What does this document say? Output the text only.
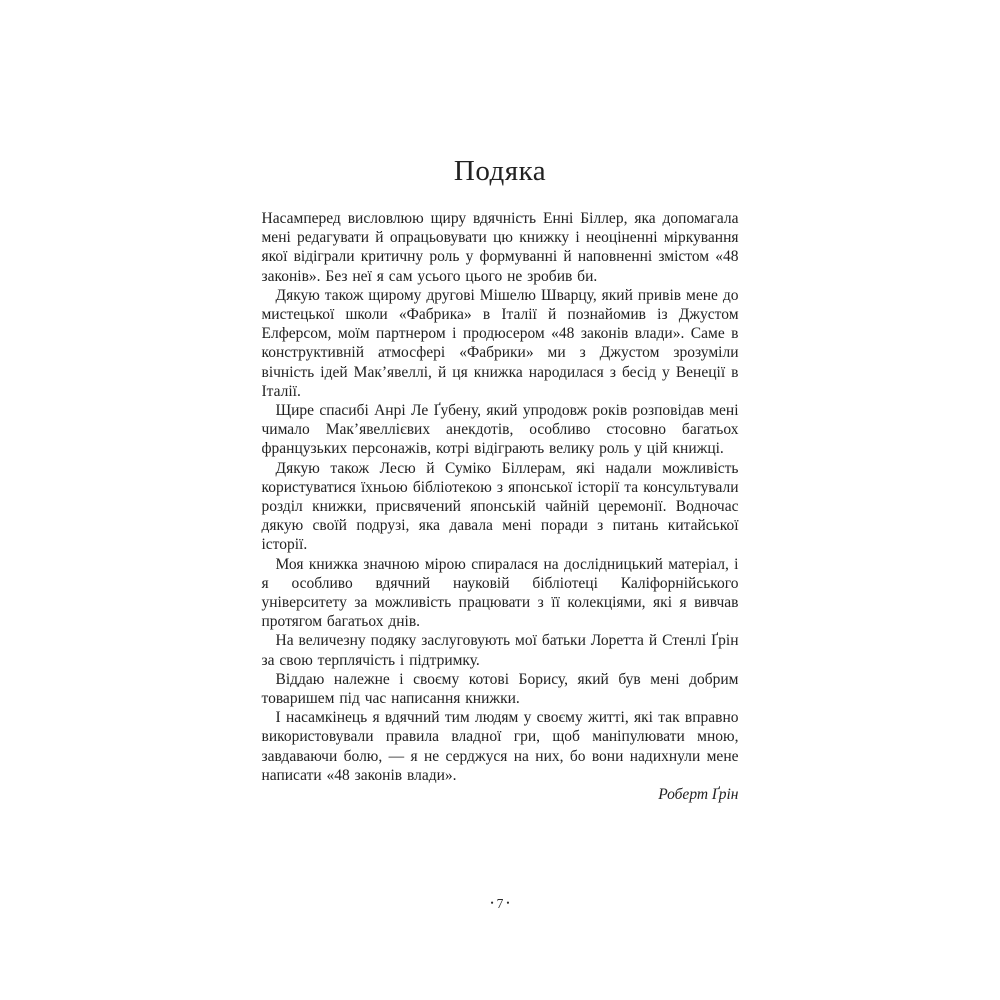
Подяка

Насамперед висловлюю щиру вдячність Енні Біллер, яка допомагала мені редагувати й опрацьовувати цю книжку і неоціненні міркування якої відіграли критичну роль у формуванні й наповненні змістом «48 законів». Без неї я сам усього цього не зробив би.

Дякую також щирому другові Мішелю Шварцу, який привів мене до мистецької школи «Фабрика» в Італії й познайомив із Джустом Елферсом, моїм партнером і продюсером «48 законів влади». Саме в конструктивній атмосфері «Фабрики» ми з Джустом зрозуміли вічність ідей Мак’явеллі, й ця книжка народилася з бесід у Венеції в Італії.

Щире спасибі Анрі Ле Ґубену, який упродовж років розповідав мені чимало Мак’явеллієвих анекдотів, особливо стосовно багатьох французьких персонажів, котрі відіграють велику роль у цій книжці.

Дякую також Лесю й Суміко Біллерам, які надали можливість користуватися їхньою бібліотекою з японської історії та консультували розділ книжки, присвячений японській чайній церемонії. Водночас дякую своїй подрузі, яка давала мені поради з питань китайської історії.

Моя книжка значною мірою спиралася на дослідницький матеріал, і я особливо вдячний науковій бібліотеці Каліфорнійського університету за можливість працювати з її колекціями, які я вивчав протягом багатьох днів.

На величезну подяку заслуговують мої батьки Лоретта й Стенлі Ґрін за свою терплячість і підтримку.

Віддаю належне і своєму котові Борису, який був мені добрим товаришем під час написання книжки.

І насамкінець я вдячний тим людям у своєму житті, які так вправно використовували правила владної гри, щоб маніпулювати мною, завдаваючи болю, — я не серджуся на них, бо вони надихнули мене написати «48 законів влади».

Роберт Ґрін

• 7 •
